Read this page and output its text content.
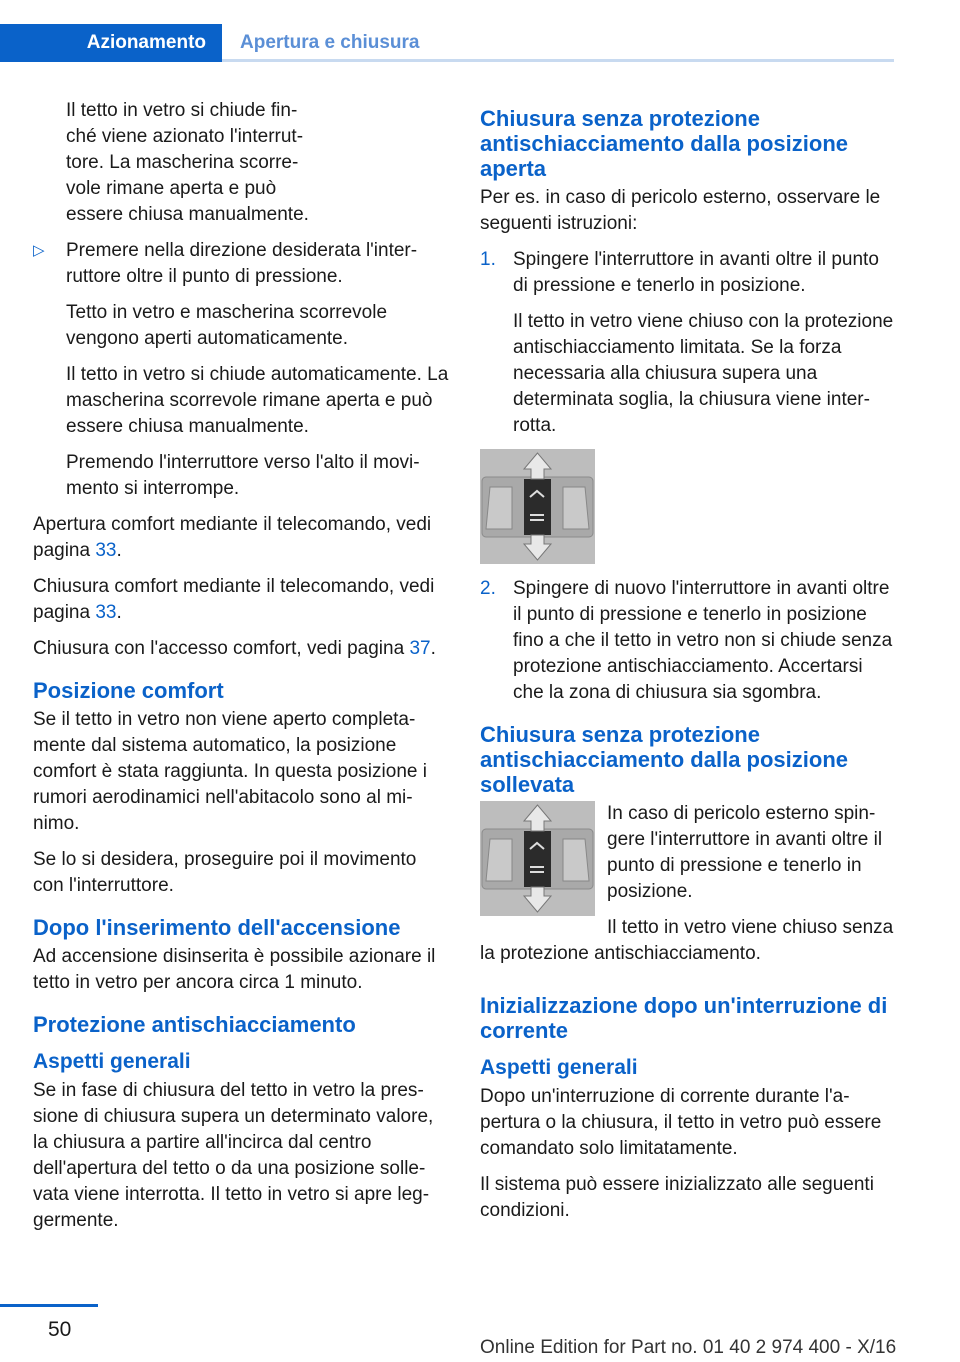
Azionamento	Apertura e chiusura
Il tetto in vetro si chiude fin-
ché viene azionato l'interrut-
tore. La mascherina scorre-
vole rimane aperta e può
essere chiusa manualmente.
▷ Premere nella direzione desiderata l'interruttore oltre il punto di pressione.

Tetto in vetro e mascherina scorrevole vengono aperti automaticamente.

Il tetto in vetro si chiude automaticamente. La mascherina scorrevole rimane aperta e può essere chiusa manualmente.

Premendo l'interruttore verso l'alto il movimento si interrompe.

Apertura comfort mediante il telecomando, vedi pagina 33.

Chiusura comfort mediante il telecomando, vedi pagina 33.

Chiusura con l'accesso comfort, vedi pagina 37.

Posizione comfort

Se il tetto in vetro non viene aperto completamente dal sistema automatico, la posizione comfort è stata raggiunta. In questa posizione i rumori aerodinamici nell'abitacolo sono al minimo.

Se lo si desidera, proseguire poi il movimento con l'interruttore.

Dopo l'inserimento dell'accensione

Ad accensione disinserita è possibile azionare il tetto in vetro per ancora circa 1 minuto.

Protezione antischiacciamento
Aspetti generali

Se in fase di chiusura del tetto in vetro la pressione di chiusura supera un determinato valore, la chiusura a partire all'incirca dal centro dell'apertura del tetto o da una posizione sollevata viene interrotta. Il tetto in vetro si apre leggermente.

Chiusura senza protezione antischiacciamento dalla posizione aperta

Per es. in caso di pericolo esterno, osservare le seguenti istruzioni:

1. Spingere l'interruttore in avanti oltre il punto di pressione e tenerlo in posizione.

Il tetto in vetro viene chiuso con la protezione antischiacciamento limitata. Se la forza necessaria alla chiusura supera una determinata soglia, la chiusura viene interrotta.

2. Spingere di nuovo l'interruttore in avanti oltre il punto di pressione e tenerlo in posizione fino a che il tetto in vetro non si chiude senza protezione antischiacciamento. Accertarsi che la zona di chiusura sia sgombra.

Chiusura senza protezione antischiacciamento dalla posizione sollevata

In caso di pericolo esterno spingere l'interruttore in avanti oltre il punto di pressione e tenerlo in posizione.

Il tetto in vetro viene chiuso senza la protezione antischiacciamento.

Inizializzazione dopo un'interruzione di corrente
Aspetti generali

Dopo un'interruzione di corrente durante l'apertura o la chiusura, il tetto in vetro può essere comandato solo limitatamente.

Il sistema può essere inizializzato alle seguenti condizioni.

50
Online Edition for Part no. 01 40 2 974 400 - X/16
